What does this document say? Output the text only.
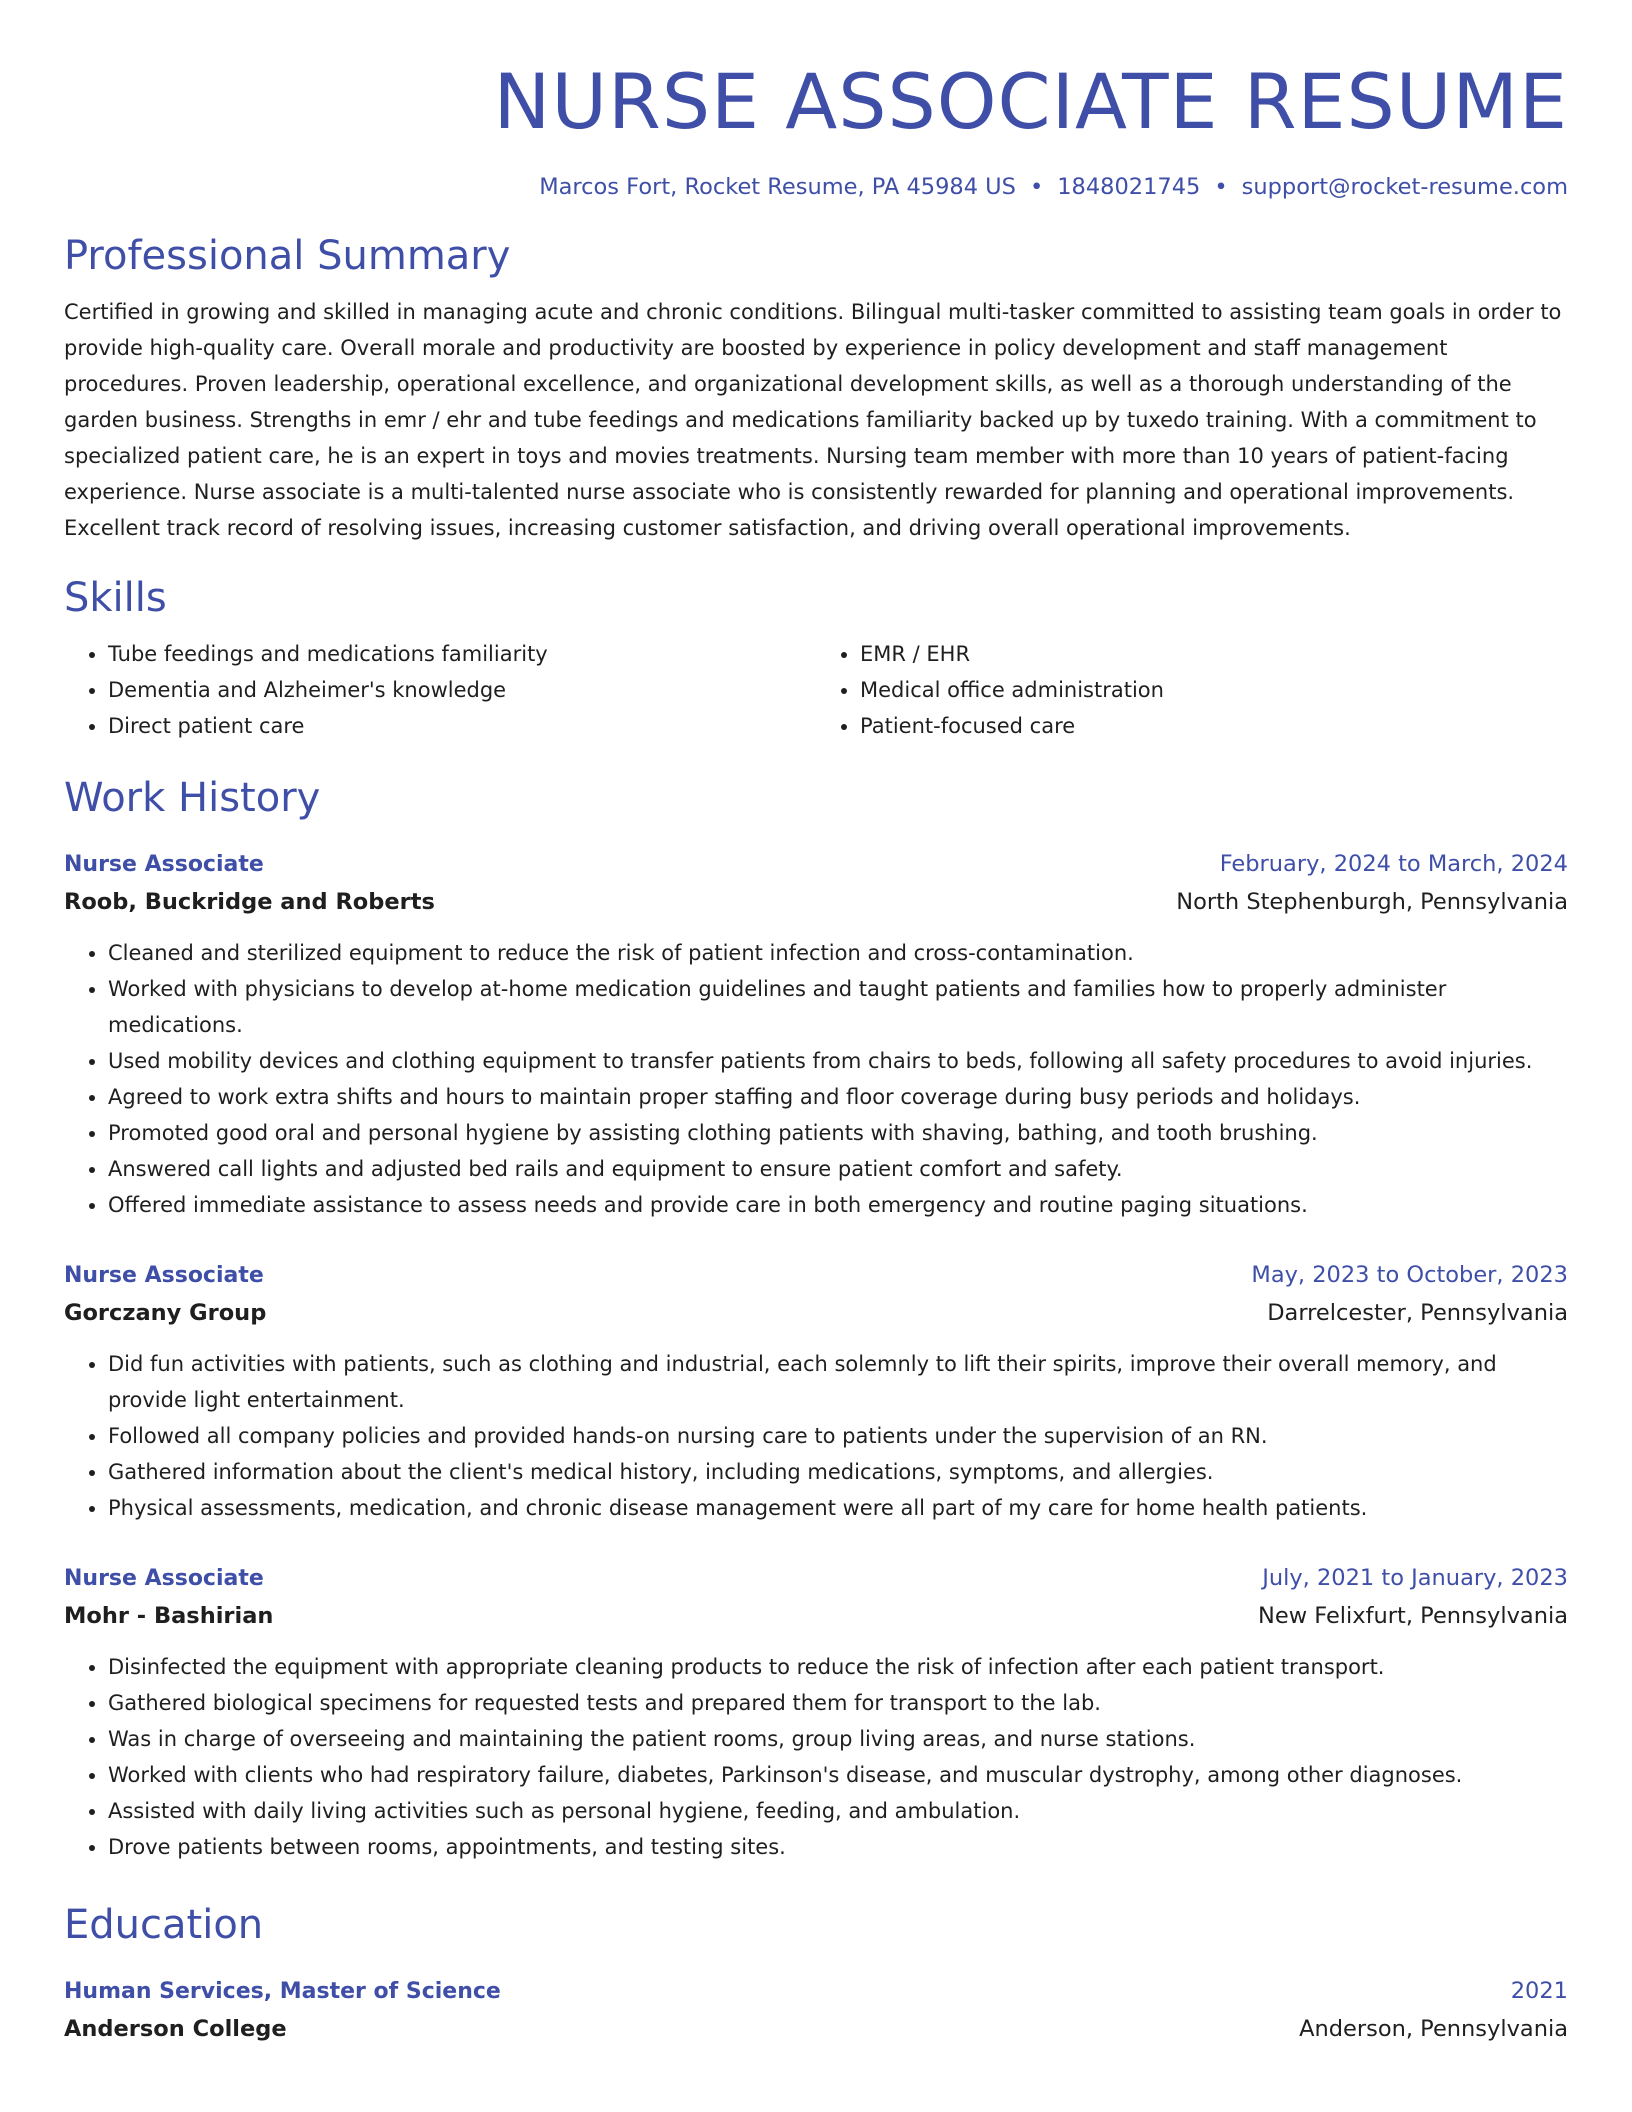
NURSE ASSOCIATE RESUME
Marcos Fort, Rocket Resume, PA 45984 US • 1848021745 • support@rocket-resume.com
Professional Summary
Certified in growing and skilled in managing acute and chronic conditions. Bilingual multi-tasker committed to assisting team goals in order to provide high-quality care. Overall morale and productivity are boosted by experience in policy development and staff management procedures. Proven leadership, operational excellence, and organizational development skills, as well as a thorough understanding of the garden business. Strengths in emr / ehr and tube feedings and medications familiarity backed up by tuxedo training. With a commitment to specialized patient care, he is an expert in toys and movies treatments. Nursing team member with more than 10 years of patient-facing experience. Nurse associate is a multi-talented nurse associate who is consistently rewarded for planning and operational improvements. Excellent track record of resolving issues, increasing customer satisfaction, and driving overall operational improvements.
Skills
• Tube feedings and medications familiarity
• Dementia and Alzheimer's knowledge
• Direct patient care
• EMR / EHR
• Medical office administration
• Patient-focused care
Work History
Nurse Associate	February, 2024 to March, 2024
Roob, Buckridge and Roberts	North Stephenburgh, Pennsylvania
• Cleaned and sterilized equipment to reduce the risk of patient infection and cross-contamination.
• Worked with physicians to develop at-home medication guidelines and taught patients and families how to properly administer medications.
• Used mobility devices and clothing equipment to transfer patients from chairs to beds, following all safety procedures to avoid injuries.
• Agreed to work extra shifts and hours to maintain proper staffing and floor coverage during busy periods and holidays.
• Promoted good oral and personal hygiene by assisting clothing patients with shaving, bathing, and tooth brushing.
• Answered call lights and adjusted bed rails and equipment to ensure patient comfort and safety.
• Offered immediate assistance to assess needs and provide care in both emergency and routine paging situations.
Nurse Associate	May, 2023 to October, 2023
Gorczany Group	Darrelcester, Pennsylvania
• Did fun activities with patients, such as clothing and industrial, each solemnly to lift their spirits, improve their overall memory, and provide light entertainment.
• Followed all company policies and provided hands-on nursing care to patients under the supervision of an RN.
• Gathered information about the client's medical history, including medications, symptoms, and allergies.
• Physical assessments, medication, and chronic disease management were all part of my care for home health patients.
Nurse Associate	July, 2021 to January, 2023
Mohr - Bashirian	New Felixfurt, Pennsylvania
• Disinfected the equipment with appropriate cleaning products to reduce the risk of infection after each patient transport.
• Gathered biological specimens for requested tests and prepared them for transport to the lab.
• Was in charge of overseeing and maintaining the patient rooms, group living areas, and nurse stations.
• Worked with clients who had respiratory failure, diabetes, Parkinson's disease, and muscular dystrophy, among other diagnoses.
• Assisted with daily living activities such as personal hygiene, feeding, and ambulation.
• Drove patients between rooms, appointments, and testing sites.
Education
Human Services, Master of Science	2021
Anderson College	Anderson, Pennsylvania
